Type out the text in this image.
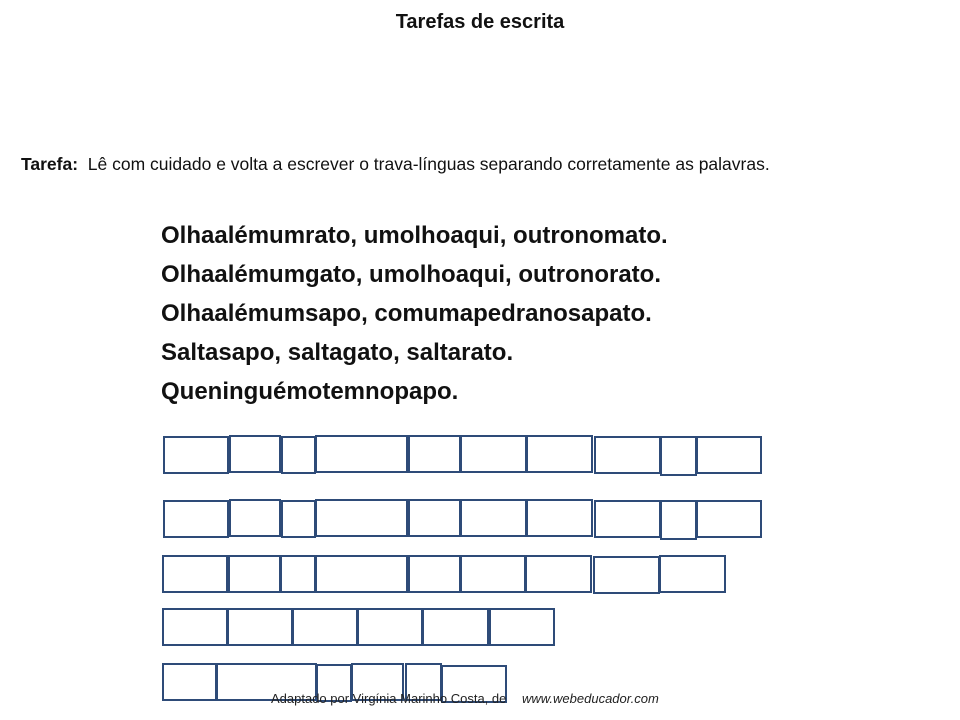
Tarefas de escrita
Tarefa: Lê com cuidado e volta a escrever o trava-línguas separando corretamente as palavras.
Olhaalémumrato, umolhoaqui, outronomato.
Olhaalémumgato, umolhoaqui, outronorato.
Olhaalémumsapo, comumapedranosapato.
Saltasapo, saltagato, saltarato.
Queninguémotemnopapo.
Adaptado por Virgínia Marinho Costa, de www.webeducador.com
